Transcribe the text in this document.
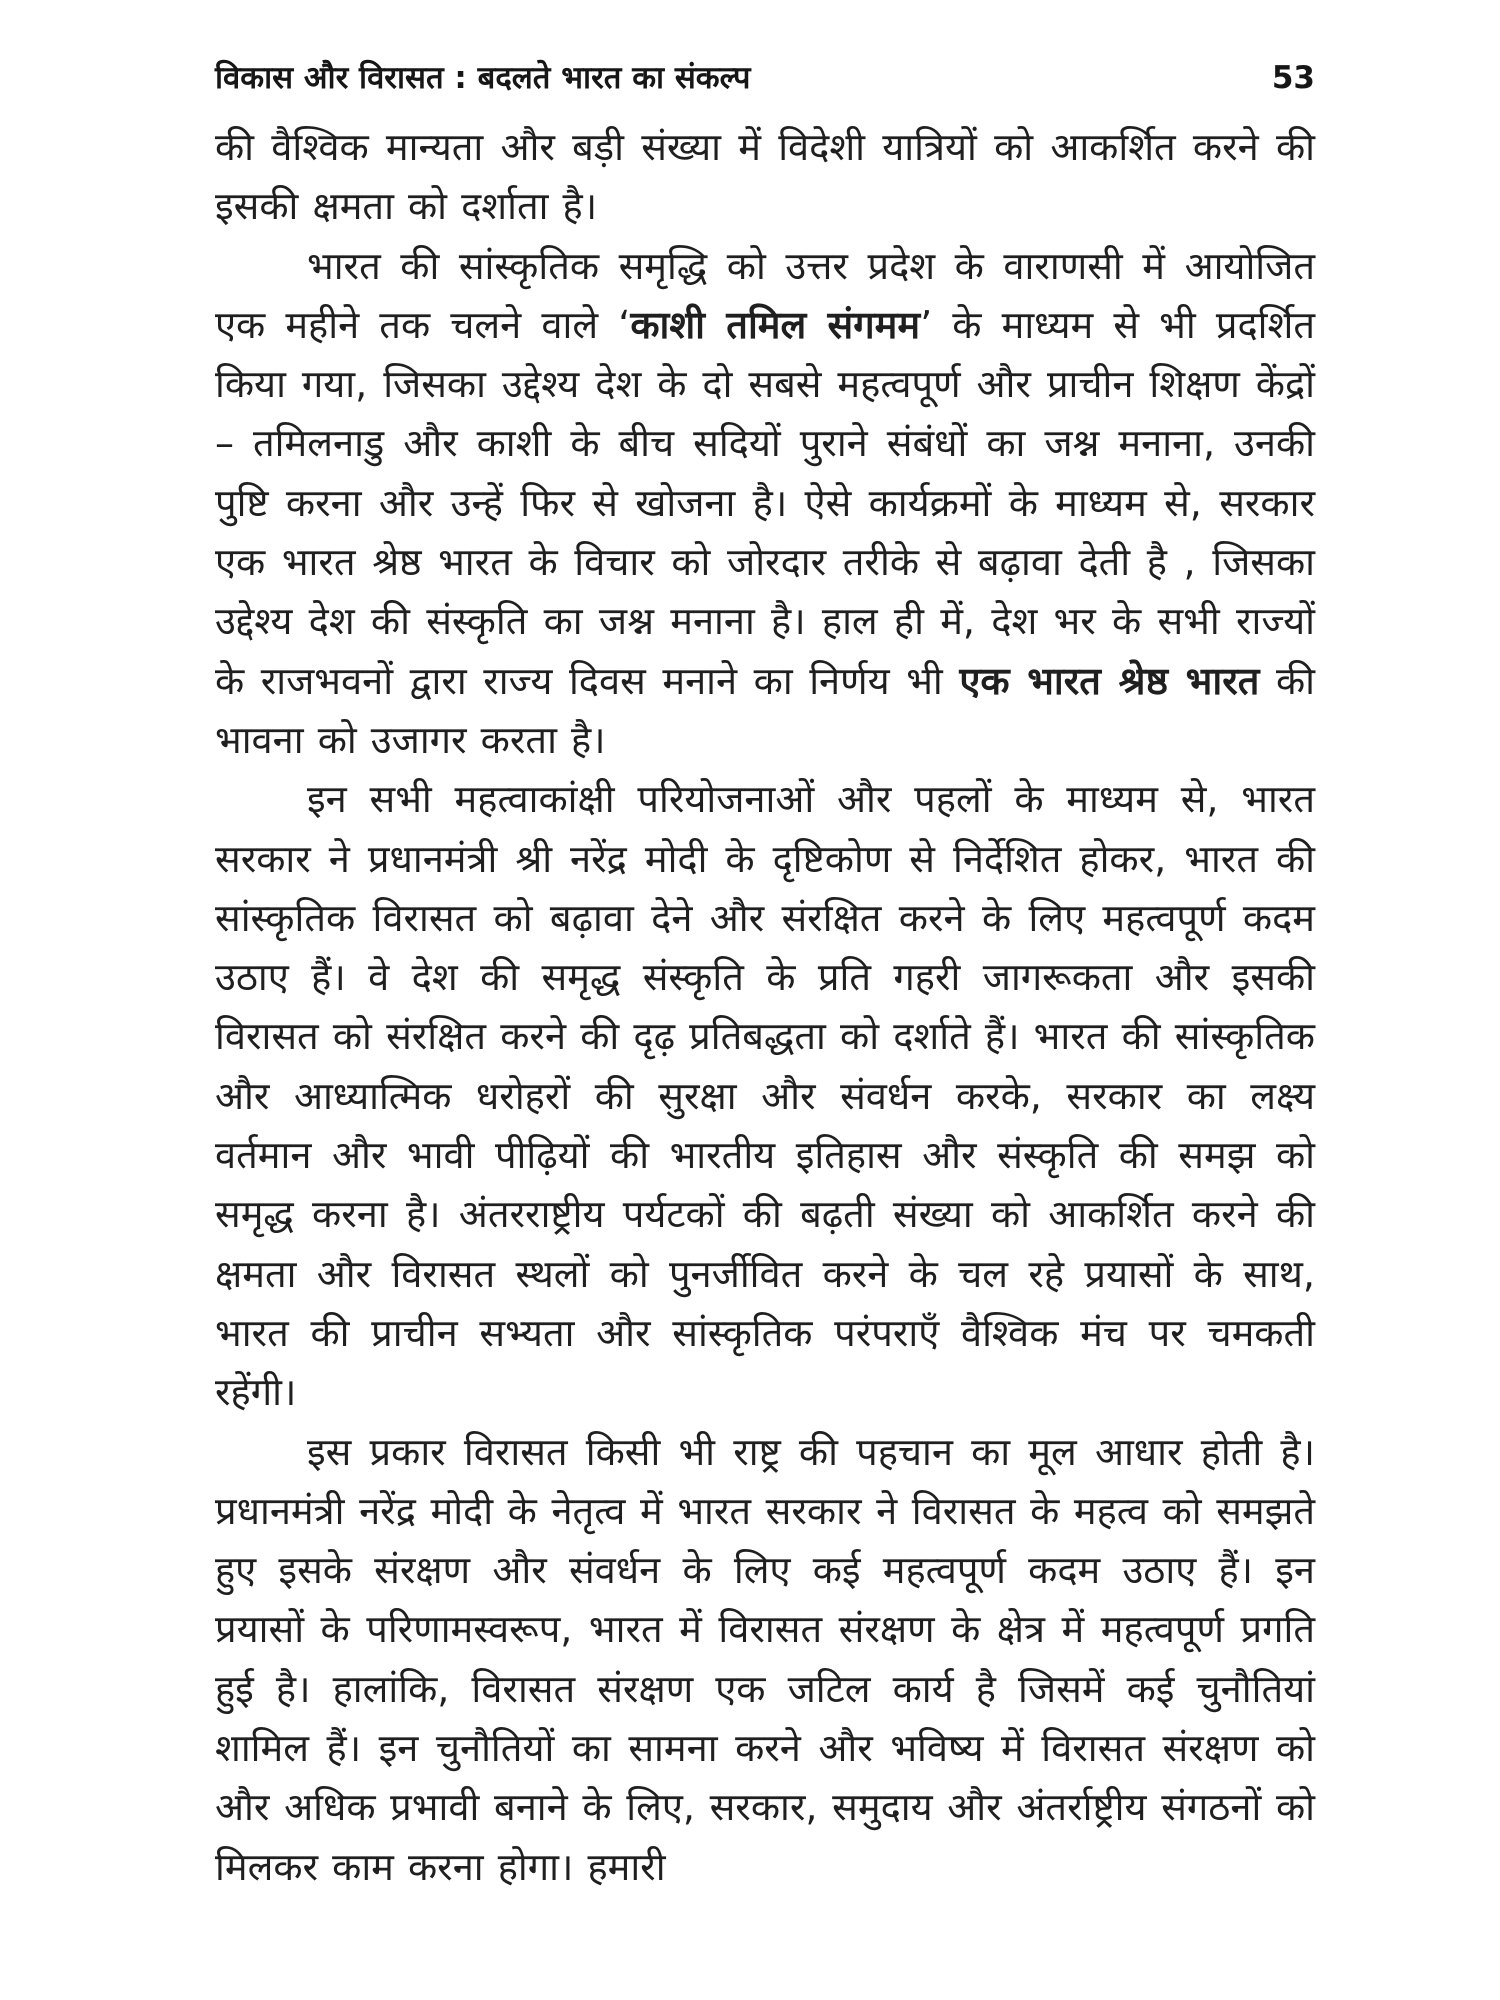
विकास और विरासत : बदलते भारत का संकल्प	53

की वैश्विक मान्यता और बड़ी संख्या में विदेशी यात्रियों को आकर्शित करने की इसकी क्षमता को दर्शाता है।

भारत की सांस्कृतिक समृद्धि को उत्तर प्रदेश के वाराणसी में आयोजित एक महीने तक चलने वाले ‘काशी तमिल संगमम’ के माध्यम से भी प्रदर्शित किया गया, जिसका उद्देश्य देश के दो सबसे महत्वपूर्ण और प्राचीन शिक्षण केंद्रों – तमिलनाडु और काशी के बीच सदियों पुराने संबंधों का जश्न मनाना, उनकी पुष्टि करना और उन्हें फिर से खोजना है। ऐसे कार्यक्रमों के माध्यम से, सरकार एक भारत श्रेष्ठ भारत के विचार को जोरदार तरीके से बढ़ावा देती है , जिसका उद्देश्य देश की संस्कृति का जश्न मनाना है। हाल ही में, देश भर के सभी राज्यों के राजभवनों द्वारा राज्य दिवस मनाने का निर्णय भी एक भारत श्रेष्ठ भारत की भावना को उजागर करता है।

इन सभी महत्वाकांक्षी परियोजनाओं और पहलों के माध्यम से, भारत सरकार ने प्रधानमंत्री श्री नरेंद्र मोदी के दृष्टिकोण से निर्देशित होकर, भारत की सांस्कृतिक विरासत को बढ़ावा देने और संरक्षित करने के लिए महत्वपूर्ण कदम उठाए हैं। वे देश की समृद्ध संस्कृति के प्रति गहरी जागरूकता और इसकी विरासत को संरक्षित करने की दृढ़ प्रतिबद्धता को दर्शाते हैं। भारत की सांस्कृतिक और आध्यात्मिक धरोहरों की सुरक्षा और संवर्धन करके, सरकार का लक्ष्य वर्तमान और भावी पीढ़ियों की भारतीय इतिहास और संस्कृति की समझ को समृद्ध करना है। अंतरराष्ट्रीय पर्यटकों की बढ़ती संख्या को आकर्शित करने की क्षमता और विरासत स्थलों को पुनर्जीवित करने के चल रहे प्रयासों के साथ, भारत की प्राचीन सभ्यता और सांस्कृतिक परंपराएँ वैश्विक मंच पर चमकती रहेंगी।

इस प्रकार विरासत किसी भी राष्ट्र की पहचान का मूल आधार होती है। प्रधानमंत्री नरेंद्र मोदी के नेतृत्व में भारत सरकार ने विरासत के महत्व को समझते हुए इसके संरक्षण और संवर्धन के लिए कई महत्वपूर्ण कदम उठाए हैं। इन प्रयासों के परिणामस्वरूप, भारत में विरासत संरक्षण के क्षेत्र में महत्वपूर्ण प्रगति हुई है। हालांकि, विरासत संरक्षण एक जटिल कार्य है जिसमें कई चुनौतियां शामिल हैं। इन चुनौतियों का सामना करने और भविष्य में विरासत संरक्षण को और अधिक प्रभावी बनाने के लिए, सरकार, समुदाय और अंतर्राष्ट्रीय संगठनों को मिलकर काम करना होगा। हमारी
